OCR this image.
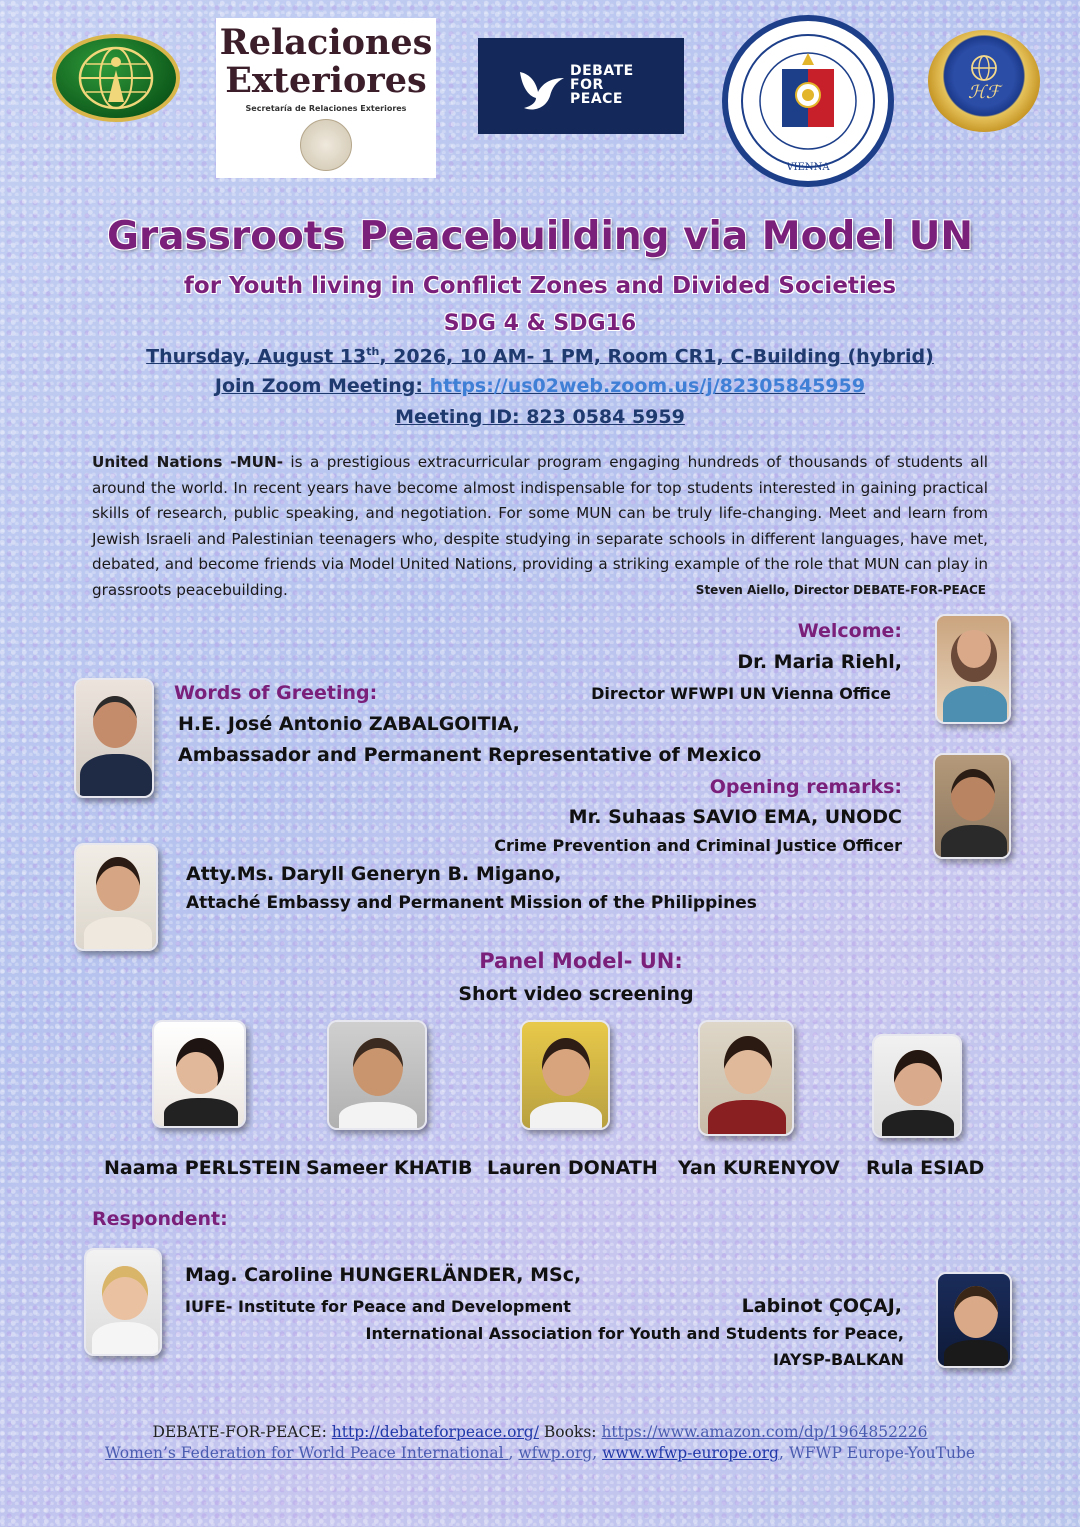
Relaciones
Exteriores
Secretaría de Relaciones Exteriores
DEBATE
FOR
PEACE
VIENNA
ℋℱ
Grassroots Peacebuilding via Model UN
for Youth living in Conflict Zones and Divided Societies
SDG 4 & SDG16
Thursday, August 13th, 2026, 10 AM- 1 PM, Room CR1, C-Building (hybrid)
Join Zoom Meeting: https://us02web.zoom.us/j/82305845959
Meeting ID: 823 0584 5959
United Nations -MUN- is a prestigious extracurricular program engaging hundreds of thousands of students all around the world. In recent years have become almost indispensable for top students interested in gaining practical skills of research, public speaking, and negotiation. For some MUN can be truly life-changing. Meet and learn from Jewish Israeli and Palestinian teenagers who, despite studying in separate schools in different languages, have met, debated, and become friends via Model United Nations, providing a striking example of the role that MUN can play in grassroots peacebuilding.	Steven Aiello, Director DEBATE-FOR-PEACE
Welcome:
Dr. Maria Riehl,
Director WFWPI UN Vienna Office
Words of Greeting:
H.E. José Antonio ZABALGOITIA,
Ambassador and Permanent Representative of Mexico
Opening remarks:
Mr. Suhaas SAVIO EMA, UNODC
Crime Prevention and Criminal Justice Officer
Atty.Ms. Daryll Generyn B. Migano,
Attaché Embassy and Permanent Mission of the Philippines
Panel Model- UN:
Short video screening
Naama PERLSTEIN Sameer KHATIB Lauren DONATH Yan KURENYOV Rula ESIAD
Respondent:
Mag. Caroline HUNGERLÄNDER, MSc,
IUFE- Institute for Peace and Development	Labinot ÇOÇAJ,
International Association for Youth and Students for Peace,
IAYSP-BALKAN
DEBATE-FOR-PEACE: http://debateforpeace.org/ Books: https://www.amazon.com/dp/1964852226
Women’s Federation for World Peace International , wfwp.org, www.wfwp-europe.org, WFWP Europe-YouTube
